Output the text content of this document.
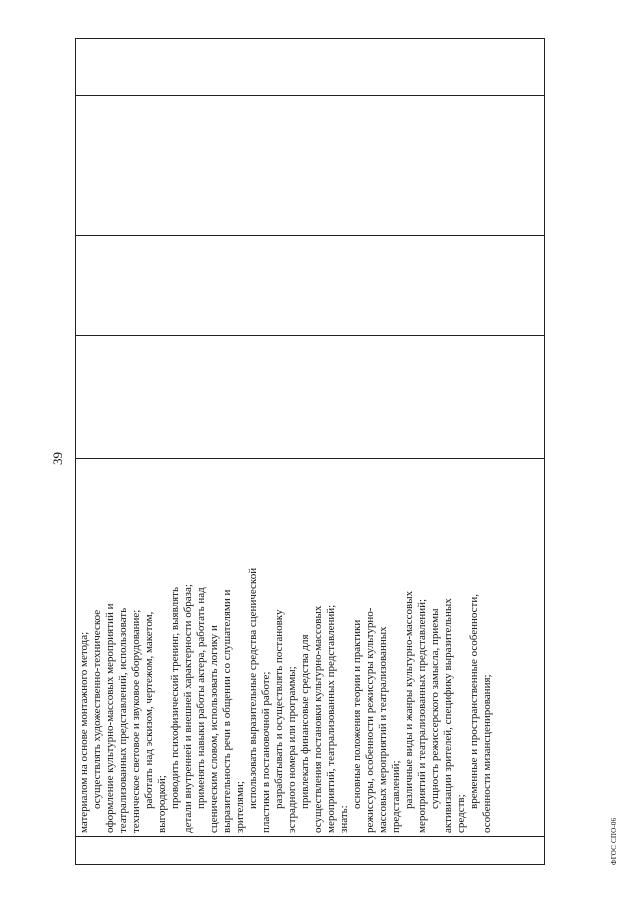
39

материалом на основе монтажного метода; осуществлять художественно-техническое оформление культурно-массовых мероприятий и театрализованных представлений, использовать техническое световое и звуковое оборудование; работать над эскизом, чертежом, макетом, выгородкой; проводить психофизический тренинг, выявлять детали внутренней и внешней характерности образа; применять навыки работы актера, работать над сценическим словом, использовать логику и выразительность речи в общении со слушателями и зрителями; использовать выразительные средства сценической пластики в постановочной работе; разрабатывать и осуществлять постановку эстрадного номера или программы; привлекать финансовые средства для осуществления постановки культурно-массовых мероприятий, театрализованных представлений; знать:
основные положения теории и практики режиссуры, особенности режиссуры культурно- массовых мероприятий и театрализованных представлений; различные виды и жанры культурно-массовых мероприятий и театрализованных представлений; сущность режиссерского замысла, приемы активизации зрителей, специфику выразительных средств;
временные и пространственные особенности, особенности мизансценирования;

ФГОС СПО-06
